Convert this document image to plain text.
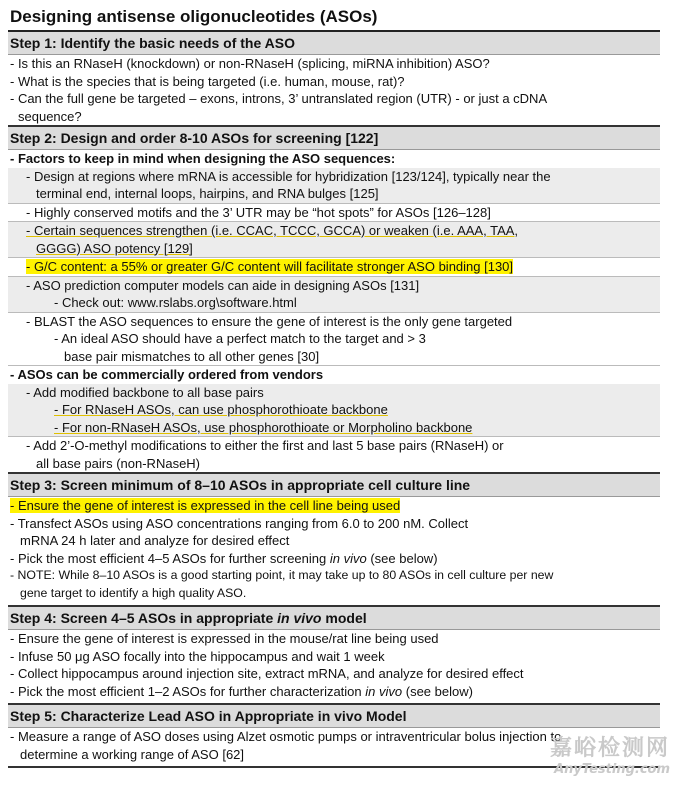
Designing antisense oligonucleotides (ASOs)
Step 1: Identify the basic needs of the ASO
- Is this an RNaseH (knockdown) or non-RNaseH (splicing, miRNA inhibition) ASO?
- What is the species that is being targeted (i.e. human, mouse, rat)?
- Can the full gene be targeted – exons, introns, 3’ untranslated region (UTR) - or just a cDNA
sequence?
Step 2: Design and order 8-10 ASOs for screening [122]
- Factors to keep in mind when designing the ASO sequences:
- Design at regions where mRNA is accessible for hybridization [123/124], typically near the
terminal end, internal loops, hairpins, and RNA bulges [125]
- Highly conserved motifs and the 3’ UTR may be “hot spots” for ASOs [126–128]
- Certain sequences strengthen (i.e. CCAC, TCCC, GCCA) or weaken (i.e. AAA, TAA,
GGGG) ASO potency [129]
- G/C content: a 55% or greater G/C content will facilitate stronger ASO binding [130]
- ASO prediction computer models can aide in designing ASOs [131]
- Check out: www.rslabs.org\software.html
- BLAST the ASO sequences to ensure the gene of interest is the only gene targeted
- An ideal ASO should have a perfect match to the target and > 3
base pair mismatches to all other genes [30]
- ASOs can be commercially ordered from vendors
- Add modified backbone to all base pairs
- For RNaseH ASOs, can use phosphorothioate backbone
- For non-RNaseH ASOs, use phosphorothioate or Morpholino backbone
- Add 2’-O-methyl modifications to either the first and last 5 base pairs (RNaseH) or
all base pairs (non-RNaseH)
Step 3: Screen minimum of 8–10 ASOs in appropriate cell culture line
- Ensure the gene of interest is expressed in the cell line being used
- Transfect ASOs using ASO concentrations ranging from 6.0 to 200 nM. Collect
mRNA 24 h later and analyze for desired effect
- Pick the most efficient 4–5 ASOs for further screening in vivo (see below)
- NOTE: While 8–10 ASOs is a good starting point, it may take up to 80 ASOs in cell culture per new
gene target to identify a high quality ASO.
Step 4: Screen 4–5 ASOs in appropriate in vivo model
- Ensure the gene of interest is expressed in the mouse/rat line being used
- Infuse 50 μg ASO focally into the hippocampus and wait 1 week
- Collect hippocampus around injection site, extract mRNA, and analyze for desired effect
- Pick the most efficient 1–2 ASOs for further characterization in vivo (see below)
Step 5: Characterize Lead ASO in Appropriate in vivo Model
- Measure a range of ASO doses using Alzet osmotic pumps or intraventricular bolus injection to
determine a working range of ASO [62]	嘉峪检测网
AnyTesting.com
